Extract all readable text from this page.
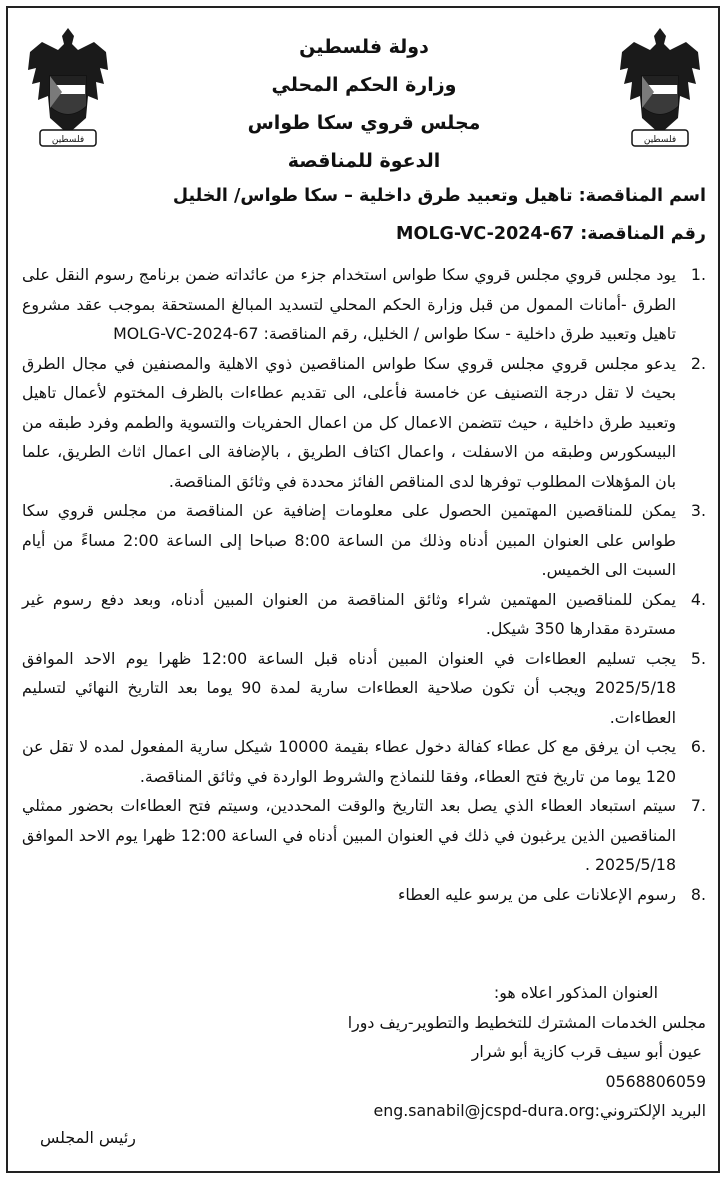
فلسطين	فلسطين
دولة فلسطين
وزارة الحكم المحلي
مجلس قروي سكا طواس
الدعوة للمناقصة
اسم المناقصة: تاهيل وتعبيد طرق داخلية – سكا طواس/ الخليل
رقم المناقصة: MOLG-VC-2024-67
.1
يود مجلس قروي مجلس قروي سكا طواس استخدام جزء من عائداته ضمن برنامج رسوم النقل على الطرق -أمانات الممول من قبل وزارة الحكم المحلي لتسديد المبالغ المستحقة بموجب عقد مشروع تاهيل وتعبيد طرق داخلية - سكا طواس / الخليل، رقم المناقصة: MOLG-VC-2024-67
.2
يدعو مجلس قروي مجلس قروي سكا طواس المناقصين ذوي الاهلية والمصنفين في مجال الطرق بحيث لا تقل درجة التصنيف عن خامسة فأعلى، الى تقديم عطاءات بالظرف المختوم لأعمال تاهيل وتعبيد طرق داخلية ، حيث تتضمن الاعمال كل من اعمال الحفريات والتسوية والطمم وفرد طبقه من البيسكورس وطبقه من الاسفلت ، واعمال اكتاف الطريق ، بالإضافة الى اعمال اثاث الطريق، علما بان المؤهلات المطلوب توفرها لدى المناقص الفائز محددة في وثائق المناقصة.
.3
يمكن للمناقصين المهتمين الحصول على معلومات إضافية عن المناقصة من مجلس قروي سكا طواس على العنوان المبين أدناه وذلك من الساعة 8:00 صباحا إلى الساعة 2:00 مساءً من أيام السبت الى الخميس.
.4
يمكن للمناقصين المهتمين شراء وثائق المناقصة من العنوان المبين أدناه، وبعد دفع رسوم غير مستردة مقدارها 350 شيكل.
.5
يجب تسليم العطاءات في العنوان المبين أدناه قبل الساعة 12:00 ظهرا يوم الاحد الموافق 2025/5/18 ويجب أن تكون صلاحية العطاءات سارية لمدة 90 يوما بعد التاريخ النهائي لتسليم العطاءات.
.6
يجب ان يرفق مع كل عطاء كفالة دخول عطاء بقيمة 10000 شيكل سارية المفعول لمده لا تقل عن 120 يوما من تاريخ فتح العطاء، وفقا للنماذج والشروط الواردة في وثائق المناقصة.
.7
سيتم استبعاد العطاء الذي يصل بعد التاريخ والوقت المحددين، وسيتم فتح العطاءات بحضور ممثلي المناقصين الذين يرغبون في ذلك في العنوان المبين أدناه في الساعة 12:00 ظهرا يوم الاحد الموافق 2025/5/18 .
.8
رسوم الإعلانات على من يرسو عليه العطاء
العنوان المذكور اعلاه هو:
مجلس الخدمات المشترك للتخطيط والتطوير-ريف دورا
عيون أبو سيف قرب كازية أبو شرار
0568806059
البريد الإلكتروني:eng.sanabil@jcspd-dura.org
رئيس المجلس
